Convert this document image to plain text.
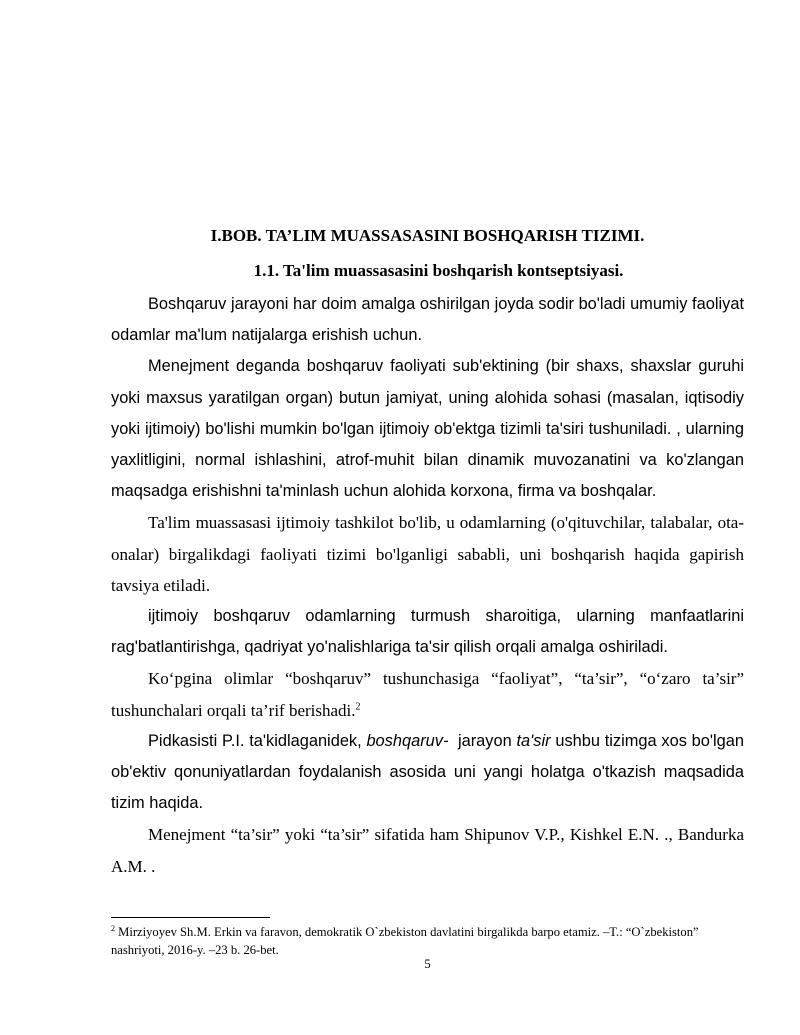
I.BOB. TA’LIM MUASSASASINI BOSHQARISH TIZIMI.
1.1. Ta'lim muassasasini boshqarish kontseptsiyasi.

Boshqaruv jarayoni har doim amalga oshirilgan joyda sodir bo'ladi umumiy faoliyat odamlar ma'lum natijalarga erishish uchun.

Menejment deganda boshqaruv faoliyati sub'ektining (bir shaxs, shaxslar guruhi yoki maxsus yaratilgan organ) butun jamiyat, uning alohida sohasi (masalan, iqtisodiy yoki ijtimoiy) bo'lishi mumkin bo'lgan ijtimoiy ob'ektga tizimli ta'siri tushuniladi. , ularning yaxlitligini, normal ishlashini, atrof-muhit bilan dinamik muvozanatini va ko'zlangan maqsadga erishishni ta'minlash uchun alohida korxona, firma va boshqalar.

Ta'lim muassasasi ijtimoiy tashkilot bo'lib, u odamlarning (o'qituvchilar, talabalar, ota-onalar) birgalikdagi faoliyati tizimi bo'lganligi sababli, uni boshqarish haqida gapirish tavsiya etiladi.

ijtimoiy boshqaruv odamlarning turmush sharoitiga, ularning manfaatlarini rag'batlantirishga, qadriyat yo'nalishlariga ta'sir qilish orqali amalga oshiriladi.

Ko‘pgina olimlar “boshqaruv” tushunchasiga “faoliyat”, “ta’sir”, “o‘zaro ta’sir” tushunchalari orqali ta’rif berishadi.$^2$

Pidkasisti P.I. ta'kidlaganidek, boshqaruv-  jarayon ta'sir ushbu tizimga xos bo'lgan ob'ektiv qonuniyatlardan foydalanish asosida uni yangi holatga o'tkazish maqsadida tizim haqida.

Menejment “ta’sir” yoki “ta’sir” sifatida ham Shipunov V.P., Kishkel E.N. ., Bandurka A.M. .

$^2$ Mirziyoyev Sh.M. Erkin va faravon, demokratik O`zbekiston davlatini birgalikda barpo etamiz. –T.: “O`zbekiston” nashriyoti, 2016-y. –23 b. 26-bet.
5
